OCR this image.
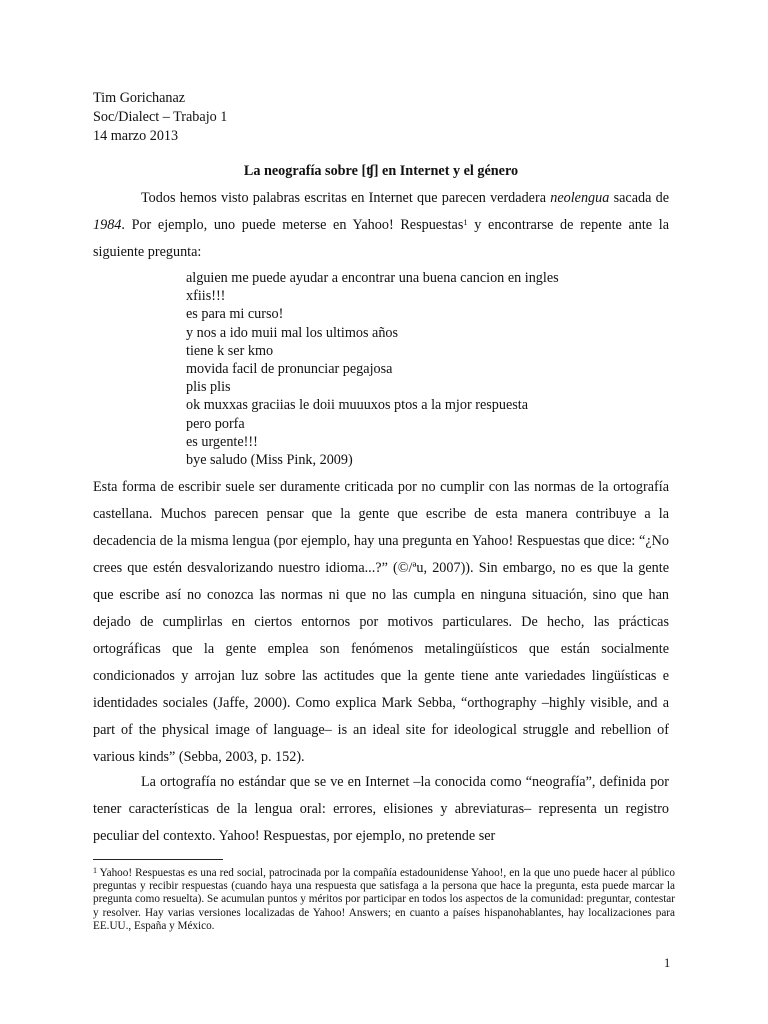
Tim Gorichanaz
Soc/Dialect – Trabajo 1
14 marzo 2013
La neografía sobre [ʧ] en Internet y el género
Todos hemos visto palabras escritas en Internet que parecen verdadera neolengua sacada de 1984. Por ejemplo, uno puede meterse en Yahoo! Respuestas$^1$ y encontrarse de repente ante la siguiente pregunta:
alguien me puede ayudar a encontrar una buena cancion en ingles
xfiis!!!
es para mi curso!
y nos a ido muii mal los ultimos años
tiene k ser kmo
movida facil de pronunciar pegajosa
plis plis
ok muxxas graciias le doii muuuxos ptos a la mjor respuesta
pero porfa
es urgente!!!
bye saludo (Miss Pink, 2009)
Esta forma de escribir suele ser duramente criticada por no cumplir con las normas de la ortografía castellana. Muchos parecen pensar que la gente que escribe de esta manera contribuye a la decadencia de la misma lengua (por ejemplo, hay una pregunta en Yahoo! Respuestas que dice: “¿No crees que estén desvalorizando nuestro idioma...?” (©/ªu, 2007)). Sin embargo, no es que la gente que escribe así no conozca las normas ni que no las cumpla en ninguna situación, sino que han dejado de cumplirlas en ciertos entornos por motivos particulares. De hecho, las prácticas ortográficas que la gente emplea son fenómenos metalingüísticos que están socialmente condicionados y arrojan luz sobre las actitudes que la gente tiene ante variedades lingüísticas e identidades sociales (Jaffe, 2000). Como explica Mark Sebba, “orthography –highly visible, and a part of the physical image of language– is an ideal site for ideological struggle and rebellion of various kinds” (Sebba, 2003, p. 152).
La ortografía no estándar que se ve en Internet –la conocida como “neografía”, definida por tener características de la lengua oral: errores, elisiones y abreviaturas– representa un registro peculiar del contexto. Yahoo! Respuestas, por ejemplo, no pretende ser
$^1$ Yahoo! Respuestas es una red social, patrocinada por la compañía estadounidense Yahoo!, en la que uno puede hacer al público preguntas y recibir respuestas (cuando haya una respuesta que satisfaga a la persona que hace la pregunta, esta puede marcar la pregunta como resuelta). Se acumulan puntos y méritos por participar en todos los aspectos de la comunidad: preguntar, contestar y resolver. Hay varias versiones localizadas de Yahoo! Answers; en cuanto a países hispanohablantes, hay localizaciones para EE.UU., España y México.
1
